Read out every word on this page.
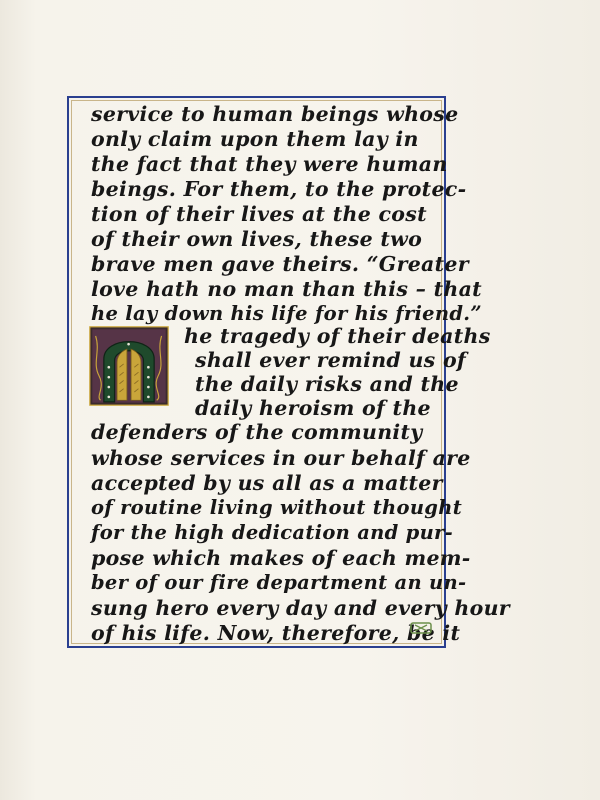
service to human beings whose
only claim upon them lay in
the fact that they were human
beings. For them, to the protec-
tion of their lives at the cost
of their own lives, these two
brave men gave theirs. “Greater
love hath no man than this – that
he lay down his life for his friend.”
he tragedy of their deaths
shall ever remind us of
the daily risks and the
daily heroism of the
defenders of the community
whose services in our behalf are
accepted by us all as a matter
of routine living without thought
for the high dedication and pur-
pose which makes of each mem-
ber of our fire department an un-
sung hero every day and every hour
of his life. Now, therefore, be it
